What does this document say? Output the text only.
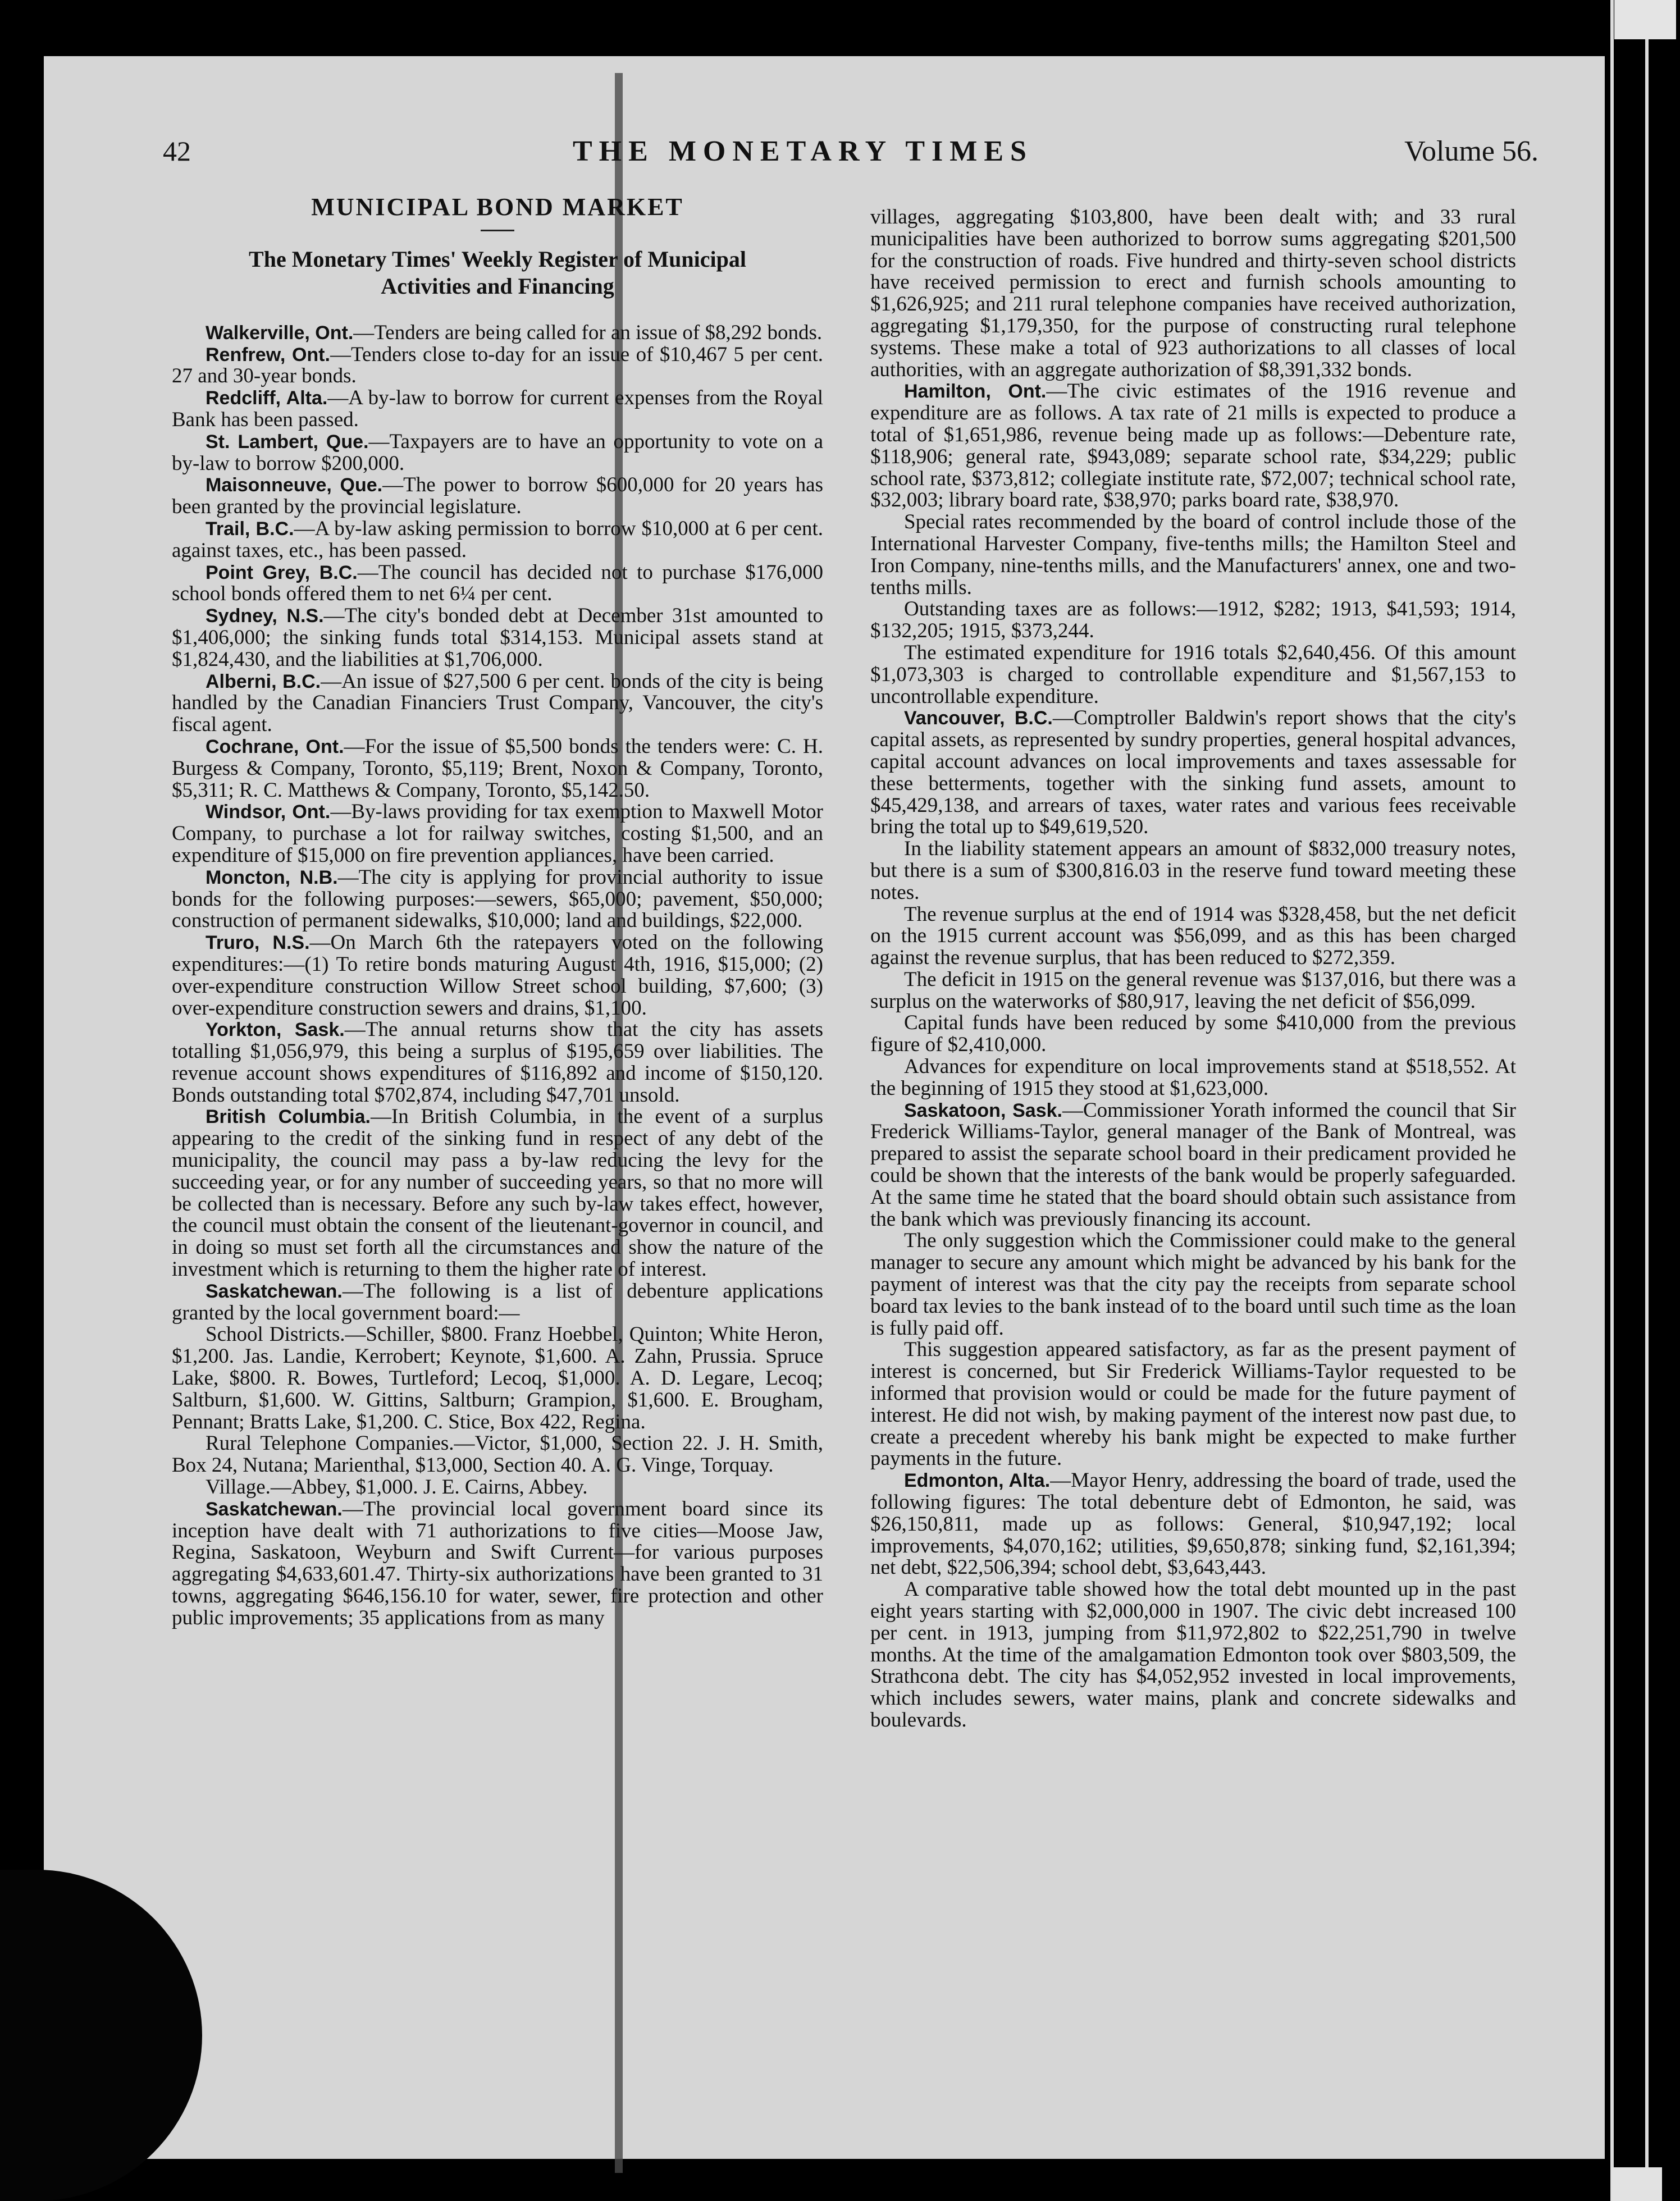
42	THE MONETARY TIMES	Volume 56.
MUNICIPAL BOND MARKET
The Monetary Times' Weekly Register of Municipal
Activities and Financing

Walkerville, Ont.—Tenders are being called for an issue of $8,292 bonds.

Renfrew, Ont.—Tenders close to-day for an issue of $10,467 5 per cent. 27 and 30-year bonds.

Redcliff, Alta.—A by-law to borrow for current expenses from the Royal Bank has been passed.

St. Lambert, Que.—Taxpayers are to have an opportunity to vote on a by-law to borrow $200,000.

Maisonneuve, Que.—The power to borrow $600,000 for 20 years has been granted by the provincial legislature.

Trail, B.C.—A by-law asking permission to borrow $10,000 at 6 per cent. against taxes, etc., has been passed.

Point Grey, B.C.—The council has decided not to purchase $176,000 school bonds offered them to net 6¼ per cent.

Sydney, N.S.—The city's bonded debt at December 31st amounted to $1,406,000; the sinking funds total $314,153. Municipal assets stand at $1,824,430, and the liabilities at $1,706,000.

Alberni, B.C.—An issue of $27,500 6 per cent. bonds of the city is being handled by the Canadian Financiers Trust Company, Vancouver, the city's fiscal agent.

Cochrane, Ont.—For the issue of $5,500 bonds the tenders were: C. H. Burgess & Company, Toronto, $5,119; Brent, Noxon & Company, Toronto, $5,311; R. C. Matthews & Company, Toronto, $5,142.50.

Windsor, Ont.—By-laws providing for tax exemption to Maxwell Motor Company, to purchase a lot for railway switches, costing $1,500, and an expenditure of $15,000 on fire prevention appliances, have been carried.

Moncton, N.B.—The city is applying for provincial authority to issue bonds for the following purposes:—sewers, $65,000; pavement, $50,000; construction of permanent sidewalks, $10,000; land and buildings, $22,000.

Truro, N.S.—On March 6th the ratepayers voted on the following expenditures:—(1) To retire bonds maturing August 4th, 1916, $15,000; (2) over-expenditure construction Willow Street school building, $7,600; (3) over-expenditure construction sewers and drains, $1,100.

Yorkton, Sask.—The annual returns show that the city has assets totalling $1,056,979, this being a surplus of $195,659 over liabilities. The revenue account shows expenditures of $116,892 and income of $150,120. Bonds outstanding total $702,874, including $47,701 unsold.

British Columbia.—In British Columbia, in the event of a surplus appearing to the credit of the sinking fund in respect of any debt of the municipality, the council may pass a by-law reducing the levy for the succeeding year, or for any number of succeeding years, so that no more will be collected than is necessary. Before any such by-law takes effect, however, the council must obtain the consent of the lieutenant-governor in council, and in doing so must set forth all the circumstances and show the nature of the investment which is returning to them the higher rate of interest.

Saskatchewan.—The following is a list of debenture applications granted by the local government board:—

School Districts.—Schiller, $800. Franz Hoebbel, Quinton; White Heron, $1,200. Jas. Landie, Kerrobert; Keynote, $1,600. A. Zahn, Prussia. Spruce Lake, $800. R. Bowes, Turtleford; Lecoq, $1,000. A. D. Legare, Lecoq; Saltburn, $1,600. W. Gittins, Saltburn; Grampion, $1,600. E. Brougham, Pennant; Bratts Lake, $1,200. C. Stice, Box 422, Regina.

Rural Telephone Companies.—Victor, $1,000, Section 22. J. H. Smith, Box 24, Nutana; Marienthal, $13,000, Section 40. A. G. Vinge, Torquay.

Village.—Abbey, $1,000. J. E. Cairns, Abbey.

Saskatchewan.—The provincial local government board since its inception have dealt with 71 authorizations to five cities—Moose Jaw, Regina, Saskatoon, Weyburn and Swift Current—for various purposes aggregating $4,633,601.47. Thirty-six authorizations have been granted to 31 towns, aggregating $646,156.10 for water, sewer, fire protection and other public improvements; 35 applications from as many

villages, aggregating $103,800, have been dealt with; and 33 rural municipalities have been authorized to borrow sums aggregating $201,500 for the construction of roads. Five hundred and thirty-seven school districts have received permission to erect and furnish schools amounting to $1,626,925; and 211 rural telephone companies have received authorization, aggregating $1,179,350, for the purpose of constructing rural telephone systems. These make a total of 923 authorizations to all classes of local authorities, with an aggregate authorization of $8,391,332 bonds.

Hamilton, Ont.—The civic estimates of the 1916 revenue and expenditure are as follows. A tax rate of 21 mills is expected to produce a total of $1,651,986, revenue being made up as follows:—Debenture rate, $118,906; general rate, $943,089; separate school rate, $34,229; public school rate, $373,812; collegiate institute rate, $72,007; technical school rate, $32,003; library board rate, $38,970; parks board rate, $38,970.

Special rates recommended by the board of control include those of the International Harvester Company, five-tenths mills; the Hamilton Steel and Iron Company, nine-tenths mills, and the Manufacturers' annex, one and two-tenths mills.

Outstanding taxes are as follows:—1912, $282; 1913, $41,593; 1914, $132,205; 1915, $373,244.

The estimated expenditure for 1916 totals $2,640,456. Of this amount $1,073,303 is charged to controllable expenditure and $1,567,153 to uncontrollable expenditure.

Vancouver, B.C.—Comptroller Baldwin's report shows that the city's capital assets, as represented by sundry properties, general hospital advances, capital account advances on local improvements and taxes assessable for these betterments, together with the sinking fund assets, amount to $45,429,138, and arrears of taxes, water rates and various fees receivable bring the total up to $49,619,520.

In the liability statement appears an amount of $832,000 treasury notes, but there is a sum of $300,816.03 in the reserve fund toward meeting these notes.

The revenue surplus at the end of 1914 was $328,458, but the net deficit on the 1915 current account was $56,099, and as this has been charged against the revenue surplus, that has been reduced to $272,359.

The deficit in 1915 on the general revenue was $137,016, but there was a surplus on the waterworks of $80,917, leaving the net deficit of $56,099.

Capital funds have been reduced by some $410,000 from the previous figure of $2,410,000.

Advances for expenditure on local improvements stand at $518,552. At the beginning of 1915 they stood at $1,623,000.

Saskatoon, Sask.—Commissioner Yorath informed the council that Sir Frederick Williams-Taylor, general manager of the Bank of Montreal, was prepared to assist the separate school board in their predicament provided he could be shown that the interests of the bank would be properly safeguarded. At the same time he stated that the board should obtain such assistance from the bank which was previously financing its account.

The only suggestion which the Commissioner could make to the general manager to secure any amount which might be advanced by his bank for the payment of interest was that the city pay the receipts from separate school board tax levies to the bank instead of to the board until such time as the loan is fully paid off.

This suggestion appeared satisfactory, as far as the present payment of interest is concerned, but Sir Frederick Williams-Taylor requested to be informed that provision would or could be made for the future payment of interest. He did not wish, by making payment of the interest now past due, to create a precedent whereby his bank might be expected to make further payments in the future.

Edmonton, Alta.—Mayor Henry, addressing the board of trade, used the following figures: The total debenture debt of Edmonton, he said, was $26,150,811, made up as follows: General, $10,947,192; local improvements, $4,070,162; utilities, $9,650,878; sinking fund, $2,161,394; net debt, $22,506,394; school debt, $3,643,443.

A comparative table showed how the total debt mounted up in the past eight years starting with $2,000,000 in 1907. The civic debt increased 100 per cent. in 1913, jumping from $11,972,802 to $22,251,790 in twelve months. At the time of the amalgamation Edmonton took over $803,509, the Strathcona debt. The city has $4,052,952 invested in local improvements, which includes sewers, water mains, plank and concrete sidewalks and boulevards.
